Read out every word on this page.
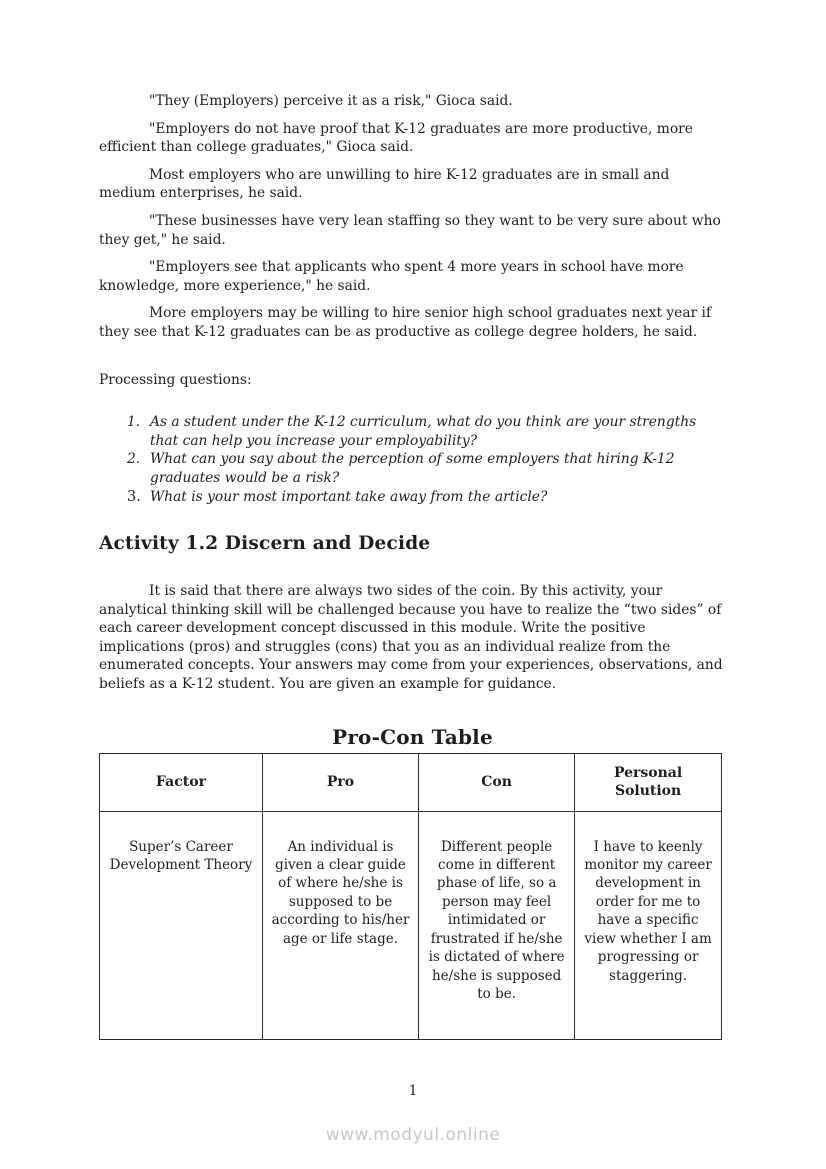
"They (Employers) perceive it as a risk," Gioca said.

"Employers do not have proof that K-12 graduates are more productive, more efficient than college graduates," Gioca said.

Most employers who are unwilling to hire K-12 graduates are in small and medium enterprises, he said.

"These businesses have very lean staffing so they want to be very sure about who they get," he said.

"Employers see that applicants who spent 4 more years in school have more knowledge, more experience," he said.

More employers may be willing to hire senior high school graduates next year if they see that K-12 graduates can be as productive as college degree holders, he said.

Processing questions:

1. As a student under the K-12 curriculum, what do you think are your strengths that can help you increase your employability?
2. What can you say about the perception of some employers that hiring K-12 graduates would be a risk?
3. What is your most important take away from the article?
Activity 1.2 Discern and Decide

It is said that there are always two sides of the coin. By this activity, your analytical thinking skill will be challenged because you have to realize the “two sides” of each career development concept discussed in this module. Write the positive implications (pros) and struggles (cons) that you as an individual realize from the enumerated concepts. Your answers may come from your experiences, observations, and beliefs as a K-12 student. You are given an example for guidance.

Pro-Con Table
Factor	Pro	Con	Personal Solution
Super’s Career Development Theory	An individual is given a clear guide of where he/she is supposed to be according to his/her age or life stage.	Different people come in different phase of life, so a person may feel intimidated or frustrated if he/she is dictated of where he/she is supposed to be.	I have to keenly monitor my career development in order for me to have a specific view whether I am progressing or staggering.
1
www.modyul.online
